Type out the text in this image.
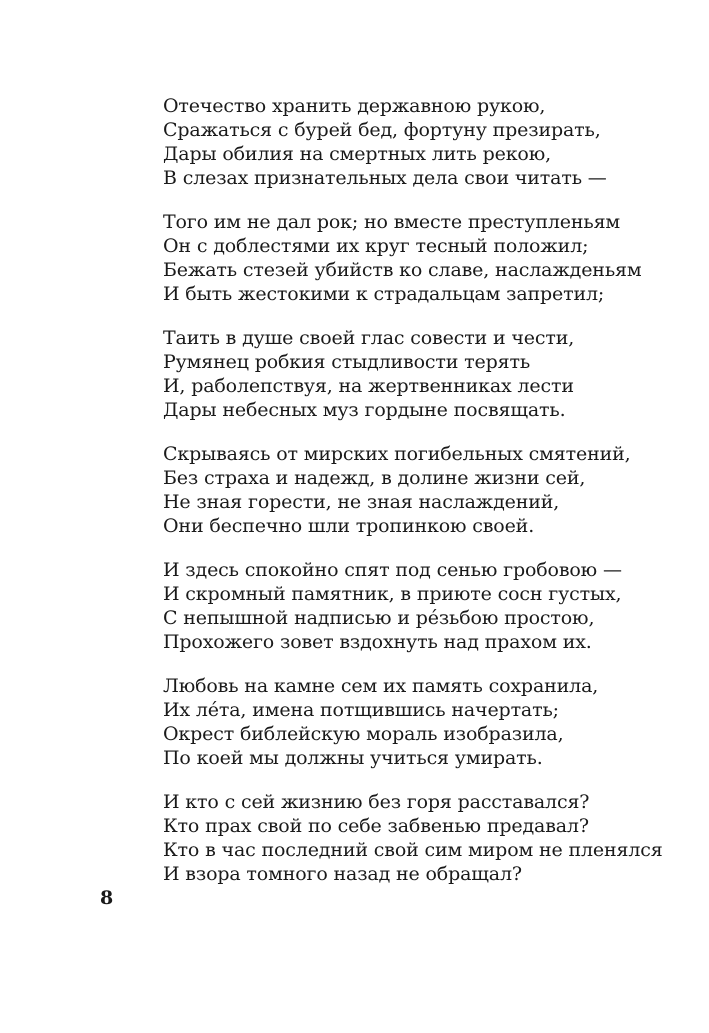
Отечество хранить державною рукою,
Сражаться с бурей бед, фортуну презирать,
Дары обилия на смертных лить рекою,
В слезах признательных дела свои читать —
Того им не дал рок; но вместе преступленьям
Он с доблестями их круг тесный положил;
Бежать стезей убийств ко славе, наслажденьям
И быть жестокими к страдальцам запретил;
Таить в душе своей глас совести и чести,
Румянец робкия стыдливости терять
И, раболепствуя, на жертвенниках лести
Дары небесных муз гордыне посвящать.
Скрываясь от мирских погибельных смятений,
Без страха и надежд, в долине жизни сей,
Не зная горести, не зная наслаждений,
Они беспечно шли тропинкою своей.
И здесь спокойно спят под сенью гробовою —
И скромный памятник, в приюте сосн густых,
С непышной надписью и ре́зьбою простою,
Прохожего зовет вздохнуть над прахом их.
Любовь на камне сем их память сохранила,
Их ле́та, имена потщившись начертать;
Окрест библейскую мораль изобразила,
По коей мы должны учиться умирать.
И кто с сей жизнию без горя расставался?
Кто прах свой по себе забвенью предавал?
Кто в час последний свой сим миром не пленялся
И взора томного назад не обращал?
8
